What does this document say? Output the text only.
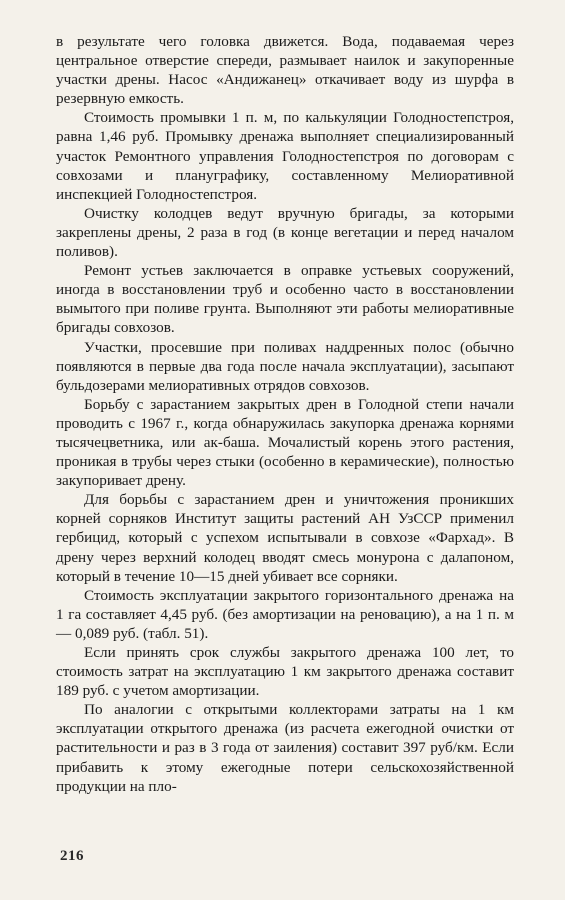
в результате чего головка движется. Вода, подаваемая через центральное отверстие спереди, размывает наилок и закупоренные участки дрены. Насос «Андижанец» откачивает воду из шурфа в резервную емкость.

Стоимость промывки 1 п. м, по калькуляции Голодностепстроя, равна 1,46 руб. Промывку дренажа выполняет специализированный участок Ремонтного управления Голодностепстроя по договорам с совхозами и плануграфику, составленному Мелиоративной инспекцией Голодностепстроя.

Очистку колодцев ведут вручную бригады, за которыми закреплены дрены, 2 раза в год (в конце вегетации и перед началом поливов).

Ремонт устьев заключается в оправке устьевых сооружений, иногда в восстановлении труб и особенно часто в восстановлении вымытого при поливе грунта. Выполняют эти работы мелиоративные бригады совхозов.

Участки, просевшие при поливах наддренных полос (обычно появляются в первые два года после начала эксплуатации), засыпают бульдозерами мелиоративных отрядов совхозов.

Борьбу с зарастанием закрытых дрен в Голодной степи начали проводить с 1967 г., когда обнаружилась закупорка дренажа корнями тысячецветника, или ак-баша. Мочалистый корень этого растения, проникая в трубы через стыки (особенно в керамические), полностью закупоривает дрену.

Для борьбы с зарастанием дрен и уничтожения проникших корней сорняков Институт защиты растений АН УзССР применил гербицид, который с успехом испытывали в совхозе «Фархад». В дрену через верхний колодец вводят смесь монурона с далапоном, который в течение 10—15 дней убивает все сорняки.

Стоимость эксплуатации закрытого горизонтального дренажа на 1 га составляет 4,45 руб. (без амортизации на реновацию), а на 1 п. м — 0,089 руб. (табл. 51).

Если принять срок службы закрытого дренажа 100 лет, то стоимость затрат на эксплуатацию 1 км закрытого дренажа составит 189 руб. с учетом амортизации.

По аналогии с открытыми коллекторами затраты на 1 км эксплуатации открытого дренажа (из расчета ежегодной очистки от растительности и раз в 3 года от заиления) составит 397 руб/км. Если прибавить к этому ежегодные потери сельскохозяйственной продукции на пло-

216
